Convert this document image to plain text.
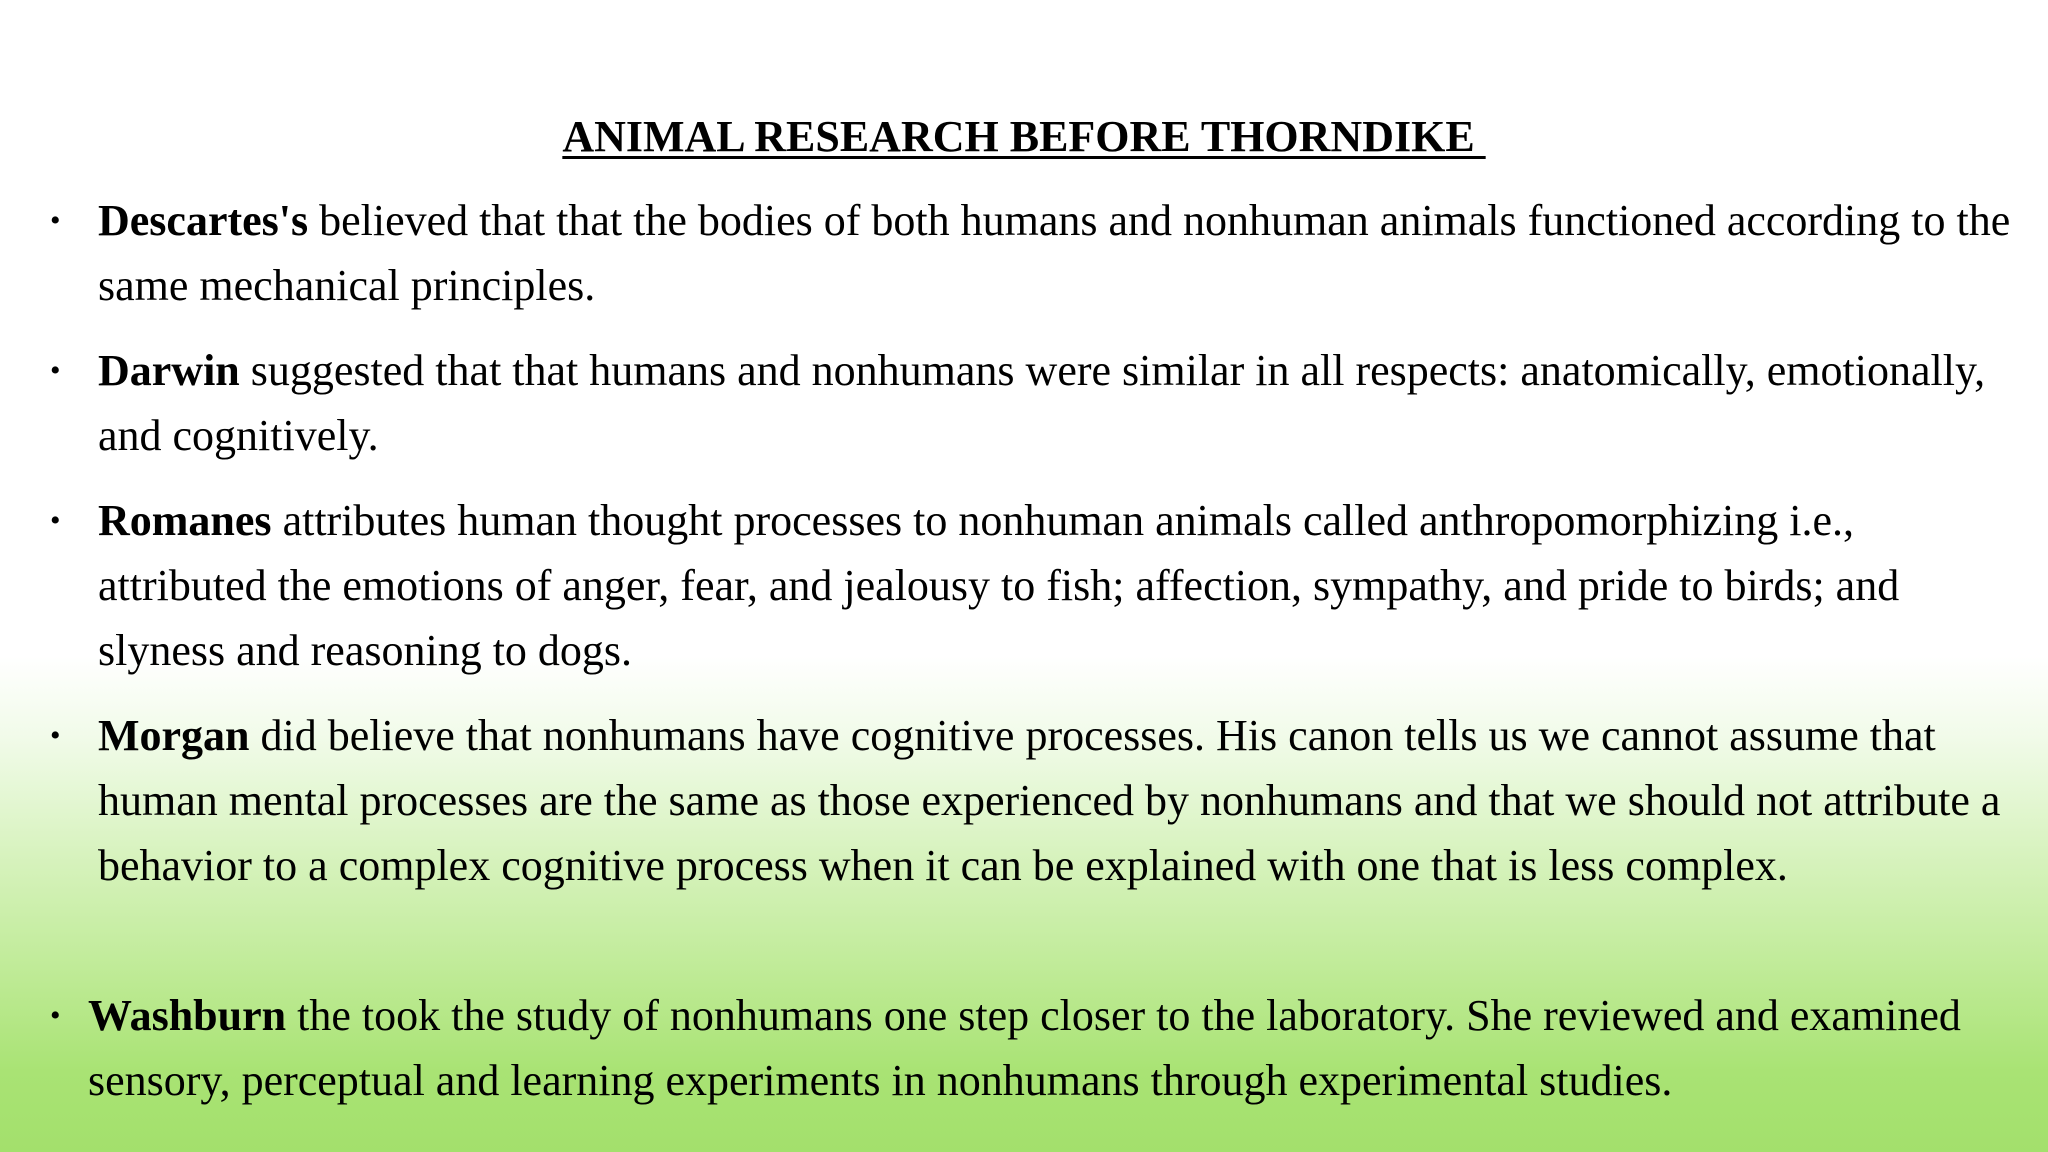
ANIMAL RESEARCH BEFORE THORNDIKE
• Descartes's believed that that the bodies of both humans and nonhuman animals functioned according to the same mechanical principles.
• Darwin suggested that that humans and nonhumans were similar in all respects: anatomically, emotionally, and cognitively.
• Romanes attributes human thought processes to nonhuman animals called anthropomorphizing i.e., attributed the emotions of anger, fear, and jealousy to fish; affection, sympathy, and pride to birds; and slyness and reasoning to dogs.
• Morgan did believe that nonhumans have cognitive processes. His canon tells us we cannot assume that human mental processes are the same as those experienced by nonhumans and that we should not attribute a behavior to a complex cognitive process when it can be explained with one that is less complex.
• Washburn the took the study of nonhumans one step closer to the laboratory. She reviewed and examined sensory, perceptual and learning experiments in nonhumans through experimental studies.
